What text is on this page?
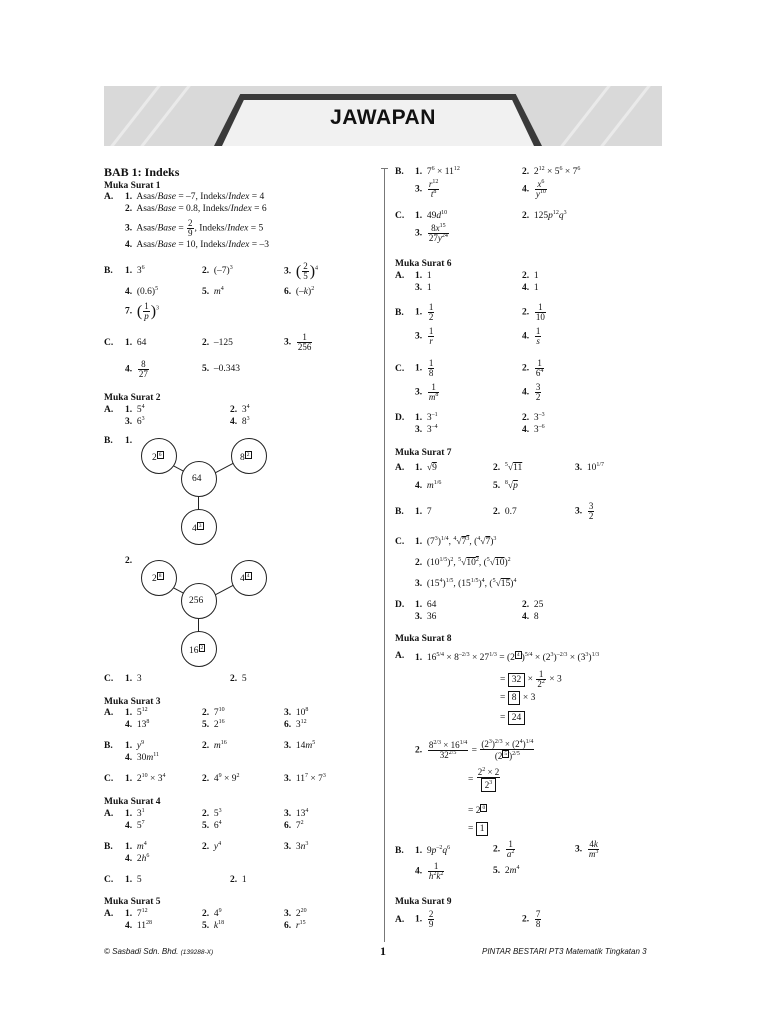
JAWAPAN
BAB 1: Indeks
Muka Surat 1
A. 1.  Asas/Base = –7, Indeks/Index = 4
2.  Asas/Base = 0.8, Indeks/Index = 6
3.  Asas/Base = $\frac{2}{9}$ , Indeks/Index = 5
4.  Asas/Base = 10, Indeks/Index = –3
B. 1.  $3^6$	2.  $(-7)^3$	3. ( $\frac{2}{5} )^4$
4.  $(0.6)^5$	5. $m^4$	6.  $(-k)^2$
7. ( $\frac{1}{p} )^3$
C. 1.  64	2.  –125	3. $\frac{1}{256}$
4. $\frac{8}{27}$	5.  –0.343
Muka Surat 2
A. 1.  $5^4$	2.  $3^4$
3.  $6^3$	4.  $8^3$
B. 1.
2 6	8 2
64
4 3
2.
2 8	4 4
256
16 2
C. 1.  3	2.  5
Muka Surat 3
A. 1.  $5^{12}$	2.  $7^{10}$	3.  $10^8$
4.  $13^8$	5.  $2^{16}$	6.  $3^{12}$
B. 1. $y^9$	2. $m^{16}$	3.  $14m^5$
4.  $30m^{11}$
C. 1.  $2^{10} \times 3^4$	2.  $4^9 \times 9^2$	3.  $11^7 \times 7^3$
Muka Surat 4
A. 1.  $3^1$	2.  $5^3$	3.  $13^4$
4.  $5^7$	5.  $6^4$	6.  $7^2$
B. 1. $m^4$	2. $y^4$	3.  $3n^3$
4.  $2h^6$
C. 1.  5	2.  1
Muka Surat 5
A. 1.  $7^{12}$	2.  $4^9$	3.  $2^{20}$
4.  $11^{28}$	5. $k^{18}$	6. $r^{15}$
B. 1.  $7^6 \times 11^{12}$	2.  $2^{12} \times 5^6 \times 7^6$
3. $\frac{r^{12}}{t^8}$	4. $\frac{x^6}{y^{10}}$
C. 1.  $49d^{10}$	2.  $125p^{12}q^3$
3. $\frac{8x^{15}}{27y^{24}}$
Muka Surat 6
A. 1.  1	2.  1
3.  1	4.  1
B. 1. $\frac{1}{2}$	2. $\frac{1}{10}$
3. $\frac{1}{r}$	4. $\frac{1}{s}$
C. 1. $\frac{1}{8}$	2. $\frac{1}{6^4}$
3. $\frac{1}{m^8}$	4. $\frac{3}{2}$
D. 1.  $3^{-1}$	2.  $3^{-3}$
3.  $3^{-4}$	4.  $3^{-6}$
Muka Surat 7
A. 1.  √9	2. $^5$√11	3.  $10^{1/7}$
4. $m^{1/6}$	5. $^8$√p
B. 1.  7	2.  0.7	3. $\frac{3}{2}$
C. 1.  $(7^3)^{1/4}$, $^4√7^3$, $(^4√7)^3$
2.  $(10^{1/5})^2$, $^5√10^2$, $(^5√10)^2$
3.  $(15^4)^{1/5}$, $(15^{1/5})^4$, $(^5√15)^4$
D. 1.  64	2.  25
3.  36	4.  8
Muka Surat 8
A. 1.  $16^{5/4} \times 8^{-2/3} \times 27^{1/3} = (2$ 4 )$^{5/4} \times (2^3)^{-2/3} \times (3^3)^{1/3}$
= $32 \times \frac{1}{2^2} \times 3$
= 8 × 3
= 24
2. $\frac{8^{2/3} \times 16^{1/4}}{32^{2/5}} = \frac{(2^3)^{2/3} \times (2^4)^{1/4}}{(2 5 )^{2/5}}$
= $\frac{2^2 \times 2}{2^3}$
= 2 0
= 1
B. 1.  $9p^{-2}q^6$	2. $\frac{1}{a^2}$	3. $\frac{4k}{m^3}$
4. $\frac{1}{h^2k^2}$	5.  $2m^4$
Muka Surat 9
A. 1. $\frac{2}{9}$	2. $\frac{7}{8}$
© Sasbadi Sdn. Bhd. (139288-X)	1	PINTAR BESTARI PT3 Matematik Tingkatan 3
